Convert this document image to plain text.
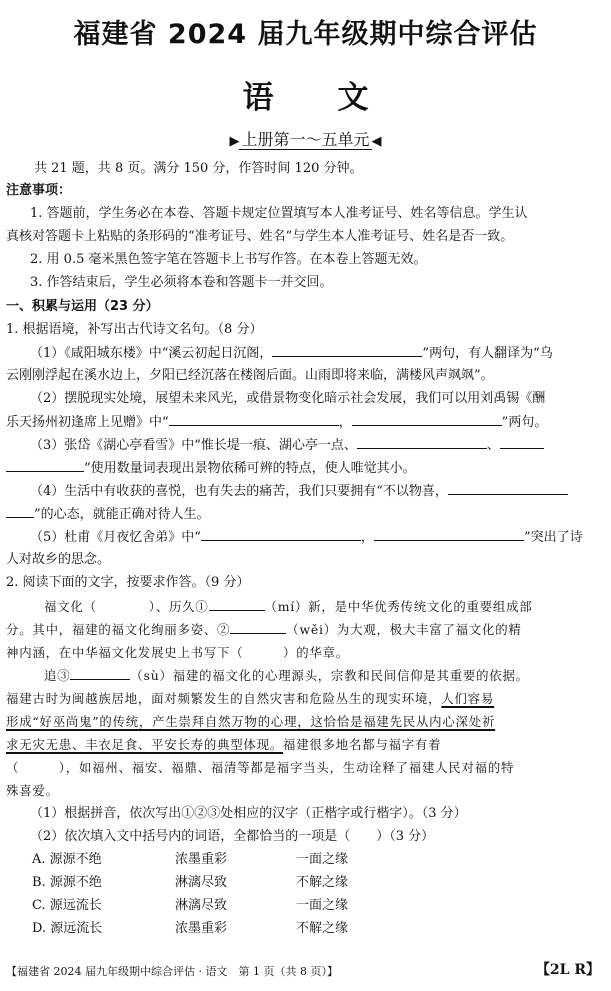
福建省 2024 届九年级期中综合评估
语文
▶ 上册第一～五单元 ◀
共 21 题，共 8 页。满分 150 分，作答时间 120 分钟。
注意事项：
1. 答题前，学生务必在本卷、答题卡规定位置填写本人准考证号、姓名等信息。学生认
真核对答题卡上粘贴的条形码的“准考证号、姓名”与学生本人准考证号、姓名是否一致。
2. 用 0.5 毫米黑色签字笔在答题卡上书写作答。在本卷上答题无效。
3. 作答结束后，学生必须将本卷和答题卡一并交回。
一、积累与运用（23 分）
1. 根据语境，补写出古代诗文名句。（8 分）
（1）《咸阳城东楼》中“溪云初起日沉阁，	”两句，有人翻译为“乌
云刚刚浮起在溪水边上，夕阳已经沉落在楼阁后面。山雨即将来临，满楼风声飒飒”。
（2）摆脱现实处境，展望未来风光，或借景物变化暗示社会发展，我们可以用刘禹锡《酬
乐天扬州初逢席上见赠》中“	，	”两句。
（3）张岱《湖心亭看雪》中“惟长堤一痕、湖心亭一点、	、
”使用数量词表现出景物依稀可辨的特点，使人唯觉其小。
（4）生活中有收获的喜悦，也有失去的痛苦，我们只要拥有“不以物喜，
”的心态，就能正确对待人生。
（5）杜甫《月夜忆舍弟》中“	，	”突出了诗
人对故乡的思念。
2. 阅读下面的文字，按要求作答。（9 分）
福文化（	）、历久①	（mí）新，是中华优秀传统文化的重要组成部
分。其中，福建的福文化绚丽多姿、②	（wěi）为大观，极大丰富了福文化的精
神内涵，在中华福文化发展史上书写下（　　　）的华章。
追③	（sù）福建的福文化的心理源头，宗教和民间信仰是其重要的依据。
福建古时为闽越族居地，面对频繁发生的自然灾害和危险丛生的现实环境，人们容易
形成“好巫尚鬼”的传统，产生崇拜自然万物的心理，这恰恰是福建先民从内心深处祈
求无灾无患、丰衣足食、平安长寿的典型体现。福建很多地名都与福字有着
（　　　），如福州、福安、福鼎、福清等都是福字当头，生动诠释了福建人民对福的特
殊喜爱。
（1）根据拼音，依次写出①②③处相应的汉字（正楷字或行楷字）。（3 分）
（2）依次填入文中括号内的词语，全都恰当的一项是（　　）（3 分）
A. 源源不绝	浓墨重彩	一面之缘
B. 源源不绝	淋漓尽致	不解之缘
C. 源远流长	淋漓尽致	一面之缘
D. 源远流长	浓墨重彩	不解之缘
【福建省 2024 届九年级期中综合评估 · 语文　第 1 页（共 8 页）】	【2L R】
